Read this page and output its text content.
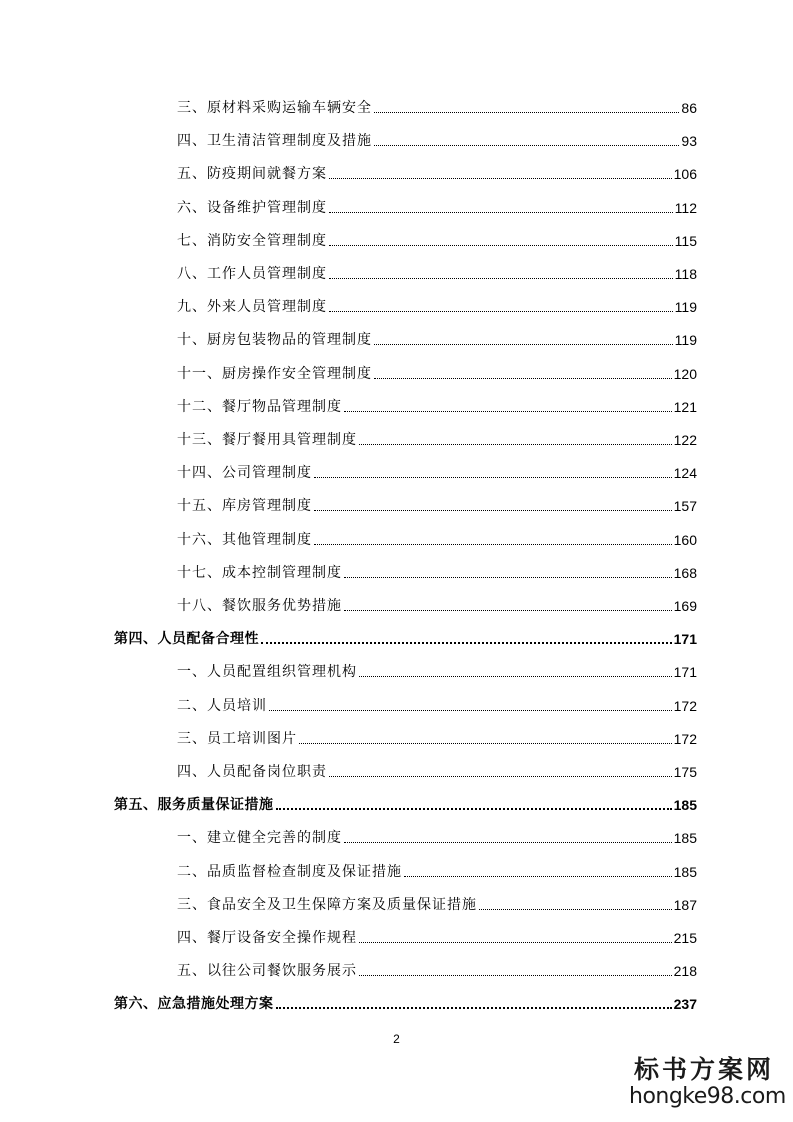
三、原材料采购运输车辆安全	86
四、卫生清洁管理制度及措施	93
五、防疫期间就餐方案	106
六、设备维护管理制度	112
七、消防安全管理制度	115
八、工作人员管理制度	118
九、外来人员管理制度	119
十、厨房包装物品的管理制度	119
十一、厨房操作安全管理制度	120
十二、餐厅物品管理制度	121
十三、餐厅餐用具管理制度	122
十四、公司管理制度	124
十五、库房管理制度	157
十六、其他管理制度	160
十七、成本控制管理制度	168
十八、餐饮服务优势措施	169
第四、人员配备合理性	171
一、人员配置组织管理机构	171
二、人员培训	172
三、员工培训图片	172
四、人员配备岗位职责	175
第五、服务质量保证措施	185
一、建立健全完善的制度	185
二、品质监督检查制度及保证措施	185
三、食品安全及卫生保障方案及质量保证措施	187
四、餐厅设备安全操作规程	215
五、以往公司餐饮服务展示	218
第六、应急措施处理方案	237
2
标书方案网
hongke98.com
